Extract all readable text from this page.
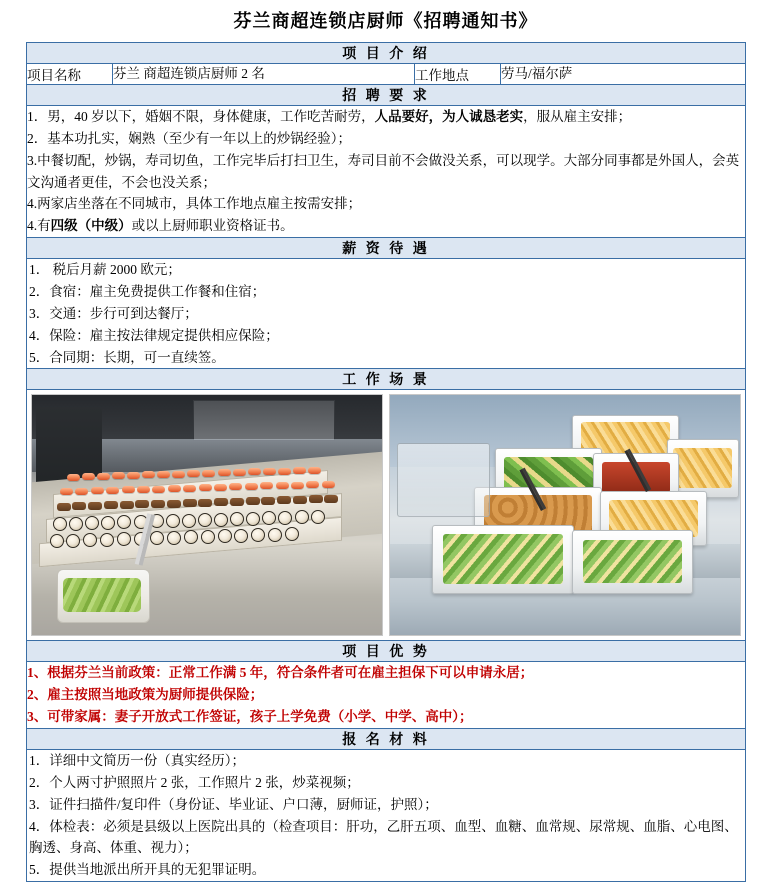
芬兰商超连锁店厨师《招聘通知书》
项 目 介 绍
项目名称	芬兰 商超连锁店厨师 2 名	工作地点	劳马/福尔萨
招 聘 要 求

1．男，40 岁以下，婚姻不限，身体健康，工作吃苦耐劳，人品要好，为人诚恳老实，服从雇主安排；
2．基本功扎实，娴熟（至少有一年以上的炒锅经验）；
3.中餐切配，炒锅，寿司切鱼，工作完毕后打扫卫生，寿司目前不会做没关系，可以现学。大部分同事都是外国人，会英文沟通者更佳，不会也没关系；
4.两家店坐落在不同城市，具体工作地点雇主按需安排；
4.有四级（中级）或以上厨师职业资格证书。

薪 资 待 遇

1． 税后月薪 2000 欧元；
2．食宿：雇主免费提供工作餐和住宿；
3．交通：步行可到达餐厅；
4．保险：雇主按法律规定提供相应保险；
5．合同期：长期，可一直续签。

工 作 场 景

项 目 优 势

1、根据芬兰当前政策：正常工作满 5 年，符合条件者可在雇主担保下可以申请永居；
2、雇主按照当地政策为厨师提供保险；
3、可带家属：妻子开放式工作签证，孩子上学免费（小学、中学、高中）；

报 名 材 料

1．详细中文简历一份（真实经历）；
2．个人两寸护照照片 2 张，工作照片 2 张，炒菜视频；
3．证件扫描件/复印件（身份证、毕业证、户口薄，厨师证，护照）；
4．体检表：必须是县级以上医院出具的（检查项目：肝功，乙肝五项、血型、血糖、血常规、尿常规、血脂、心电图、胸透、身高、体重、视力）；
5．提供当地派出所开具的无犯罪证明。
